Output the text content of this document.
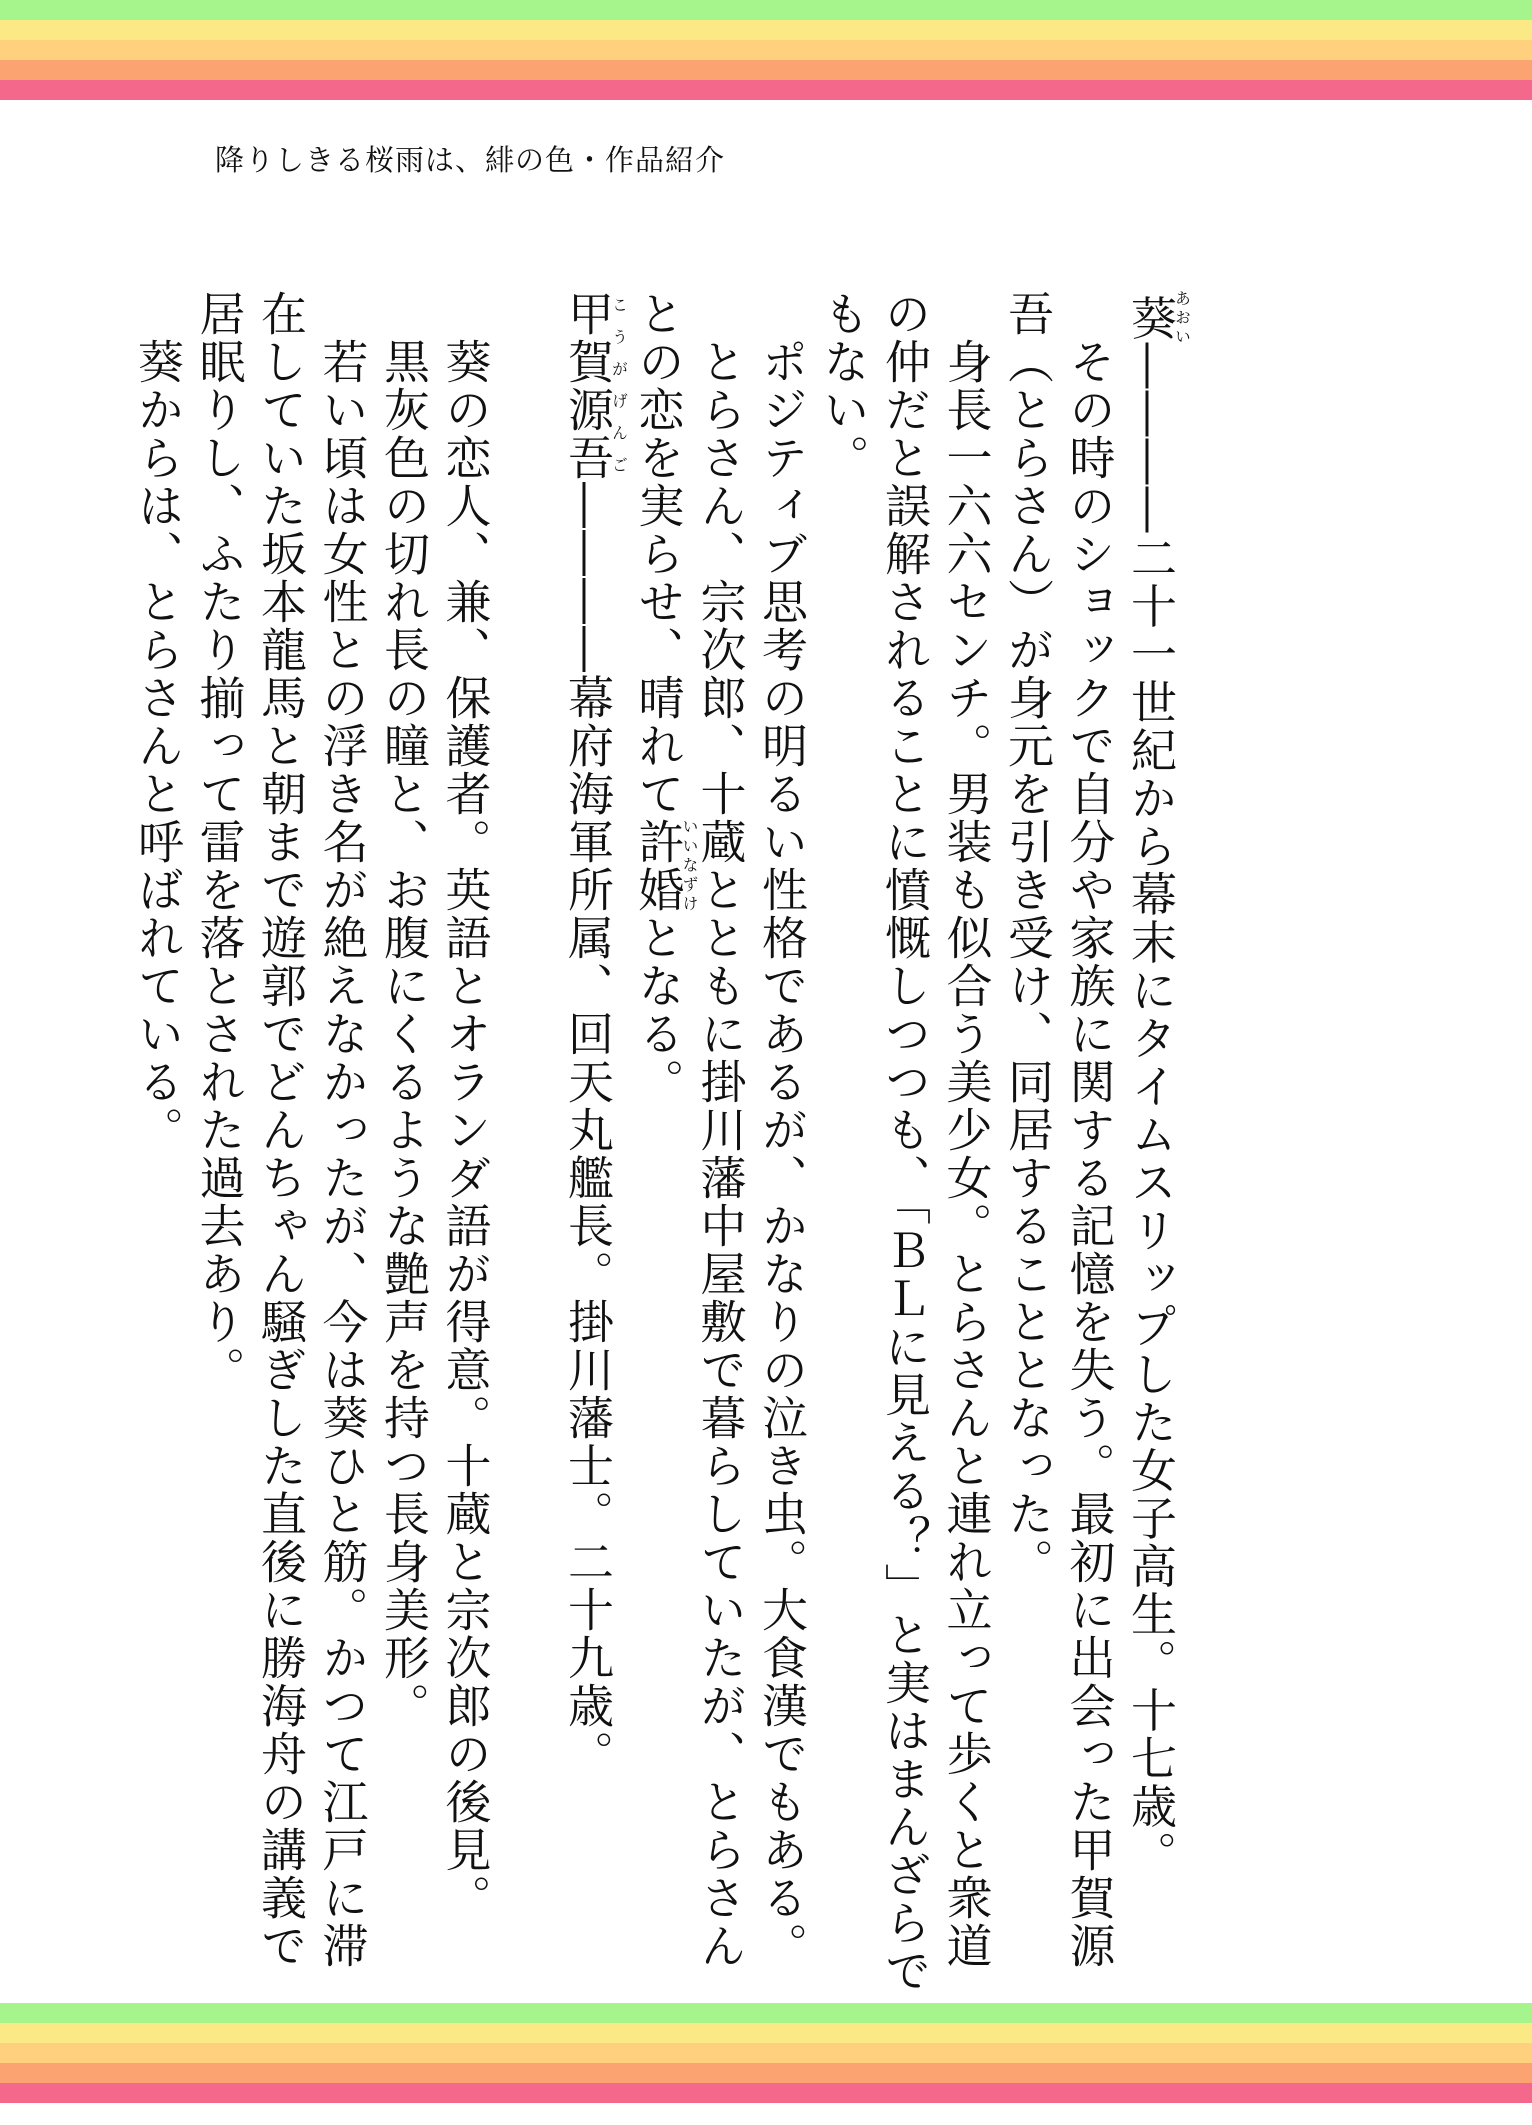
降りしきる桜雨は、緋の色・作品紹介

葵あおい――――二十一世紀から幕末にタイムスリップした女子高生。十七歳。

　その時のショックで自分や家族に関する記憶を失う。最初に出会った甲賀源吾（とらさん）が身元を引き受け、同居することとなった。

　身長一六六センチ。男装も似合う美少女。とらさんと連れ立って歩くと衆道の仲だと誤解されることに憤慨しつつも、「ＢＬに見える？」と実はまんざらでもない。

　ポジティブ思考の明るい性格であるが、かなりの泣き虫。大食漢でもある。

　とらさん、宗次郎、十蔵とともに掛川藩中屋敷で暮らしていたが、とらさんとの恋を実らせ、晴れて許婚いいなずけとなる。

甲賀こうが源吾げんご――――幕府海軍所属、回天丸艦長。掛川藩士。二十九歳。

　葵の恋人、兼、保護者。英語とオランダ語が得意。十蔵と宗次郎の後見。

　黒灰色の切れ長の瞳と、お腹にくるような艶声を持つ長身美形。

　若い頃は女性との浮き名が絶えなかったが、今は葵ひと筋。かつて江戸に滞在していた坂本龍馬と朝まで遊郭でどんちゃん騒ぎした直後に勝海舟の講義で居眠りし、ふたり揃って雷を落とされた過去あり。

　葵からは、とらさんと呼ばれている。
